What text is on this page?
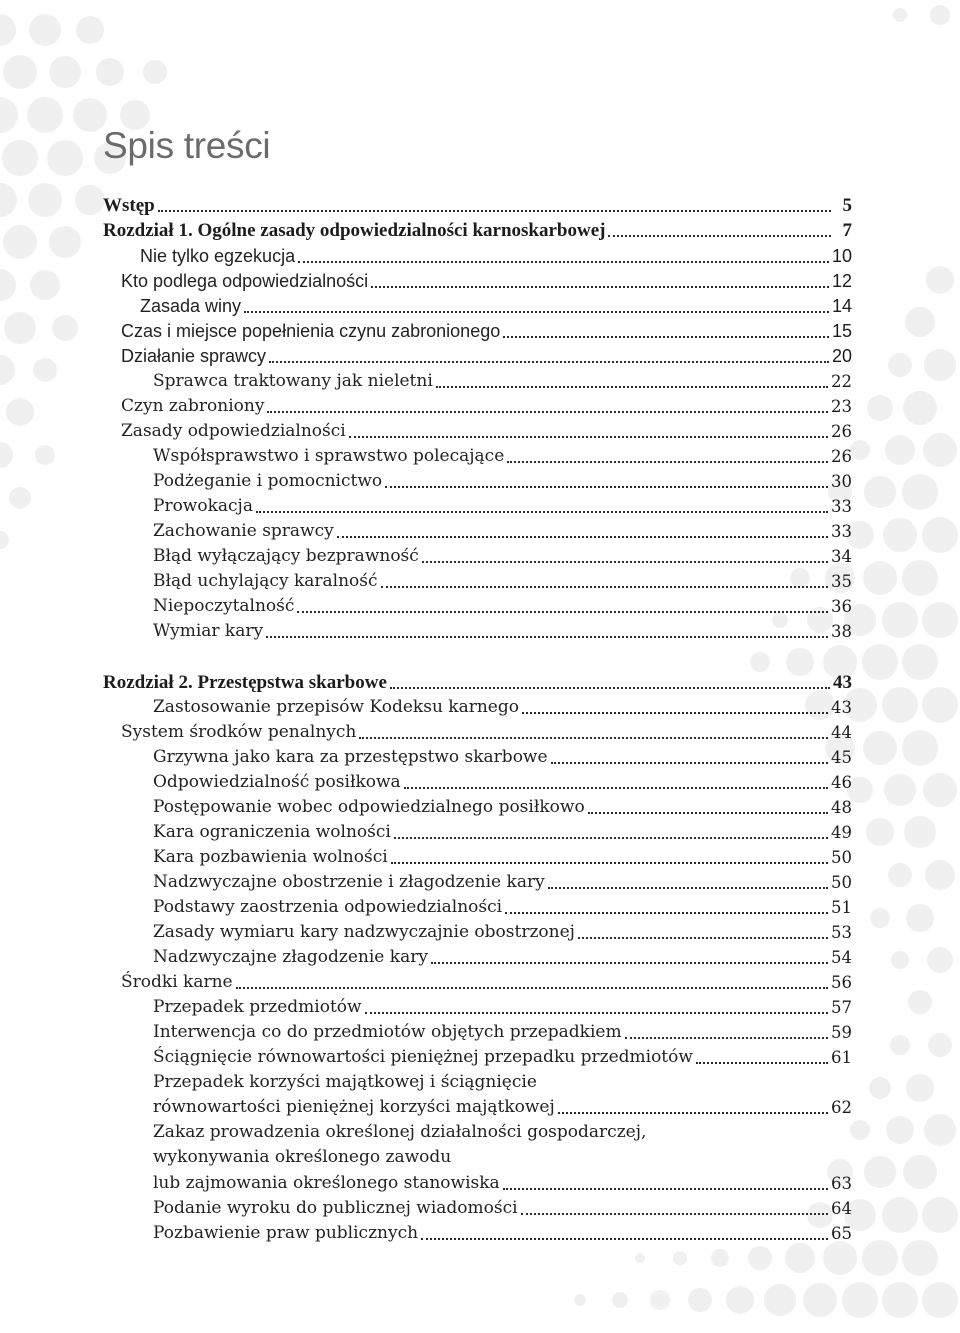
Spis treści
Wstęp	5
Rozdział 1. Ogólne zasady odpowiedzialności karnoskarbowej	7
Nie tylko egzekucja	10
Kto podlega odpowiedzialności	12
Zasada winy	14
Czas i miejsce popełnienia czynu zabronionego	15
Działanie sprawcy	20
Sprawca traktowany jak nieletni	22
Czyn zabroniony	23
Zasady odpowiedzialności	26
Współsprawstwo i sprawstwo polecające	26
Podżeganie i pomocnictwo	30
Prowokacja	33
Zachowanie sprawcy	33
Błąd wyłączający bezprawność	34
Błąd uchylający karalność	35
Niepoczytalność	36
Wymiar kary	38
Rozdział 2. Przestępstwa skarbowe	43
Zastosowanie przepisów Kodeksu karnego	43
System środków penalnych	44
Grzywna jako kara za przestępstwo skarbowe	45
Odpowiedzialność posiłkowa	46
Postępowanie wobec odpowiedzialnego posiłkowo	48
Kara ograniczenia wolności	49
Kara pozbawienia wolności	50
Nadzwyczajne obostrzenie i złagodzenie kary	50
Podstawy zaostrzenia odpowiedzialności	51
Zasady wymiaru kary nadzwyczajnie obostrzonej	53
Nadzwyczajne złagodzenie kary	54
Środki karne	56
Przepadek przedmiotów	57
Interwencja co do przedmiotów objętych przepadkiem	59
Ściągnięcie równowartości pieniężnej przepadku przedmiotów	61
Przepadek korzyści majątkowej i ściągnięcie
równowartości pieniężnej korzyści majątkowej	62
Zakaz prowadzenia określonej działalności gospodarczej,
wykonywania określonego zawodu
lub zajmowania określonego stanowiska	63
Podanie wyroku do publicznej wiadomości	64
Pozbawienie praw publicznych	65
